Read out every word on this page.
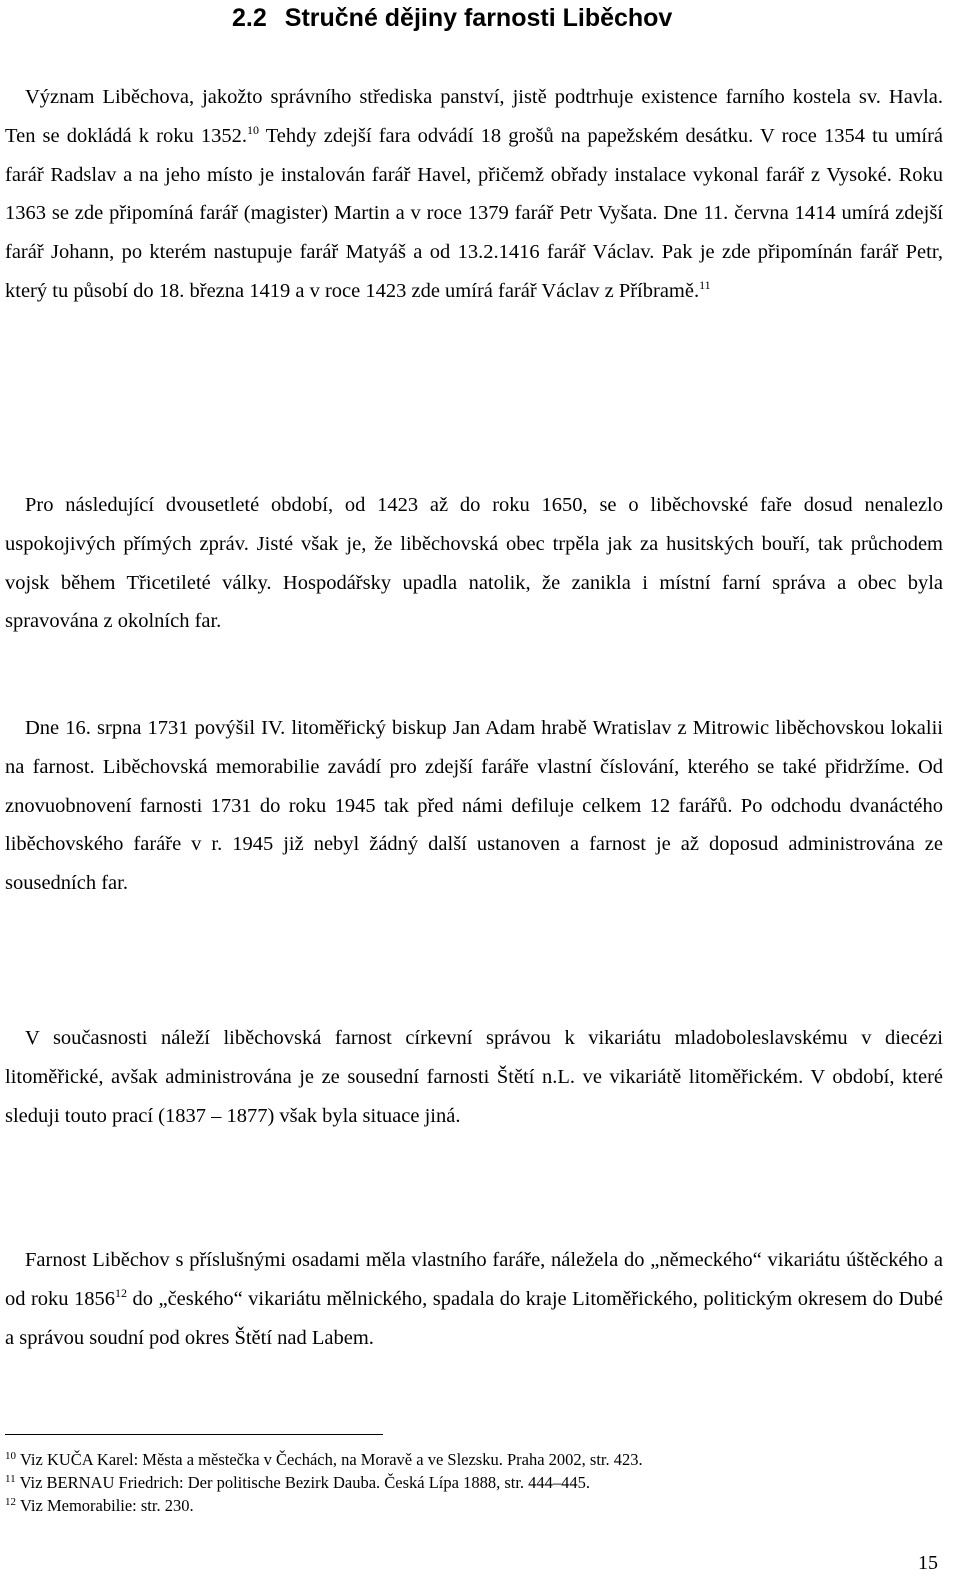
2.2 Stručné dějiny farnosti Liběchov

Význam Liběchova, jakožto správního střediska panství, jistě podtrhuje existence farního kostela sv. Havla. Ten se dokládá k roku 1352.10 Tehdy zdejší fara odvádí 18 grošů na papežském desátku. V roce 1354 tu umírá farář Radslav a na jeho místo je instalován farář Havel, přičemž obřady instalace vykonal farář z Vysoké. Roku 1363 se zde připomíná farář (magister) Martin a v roce 1379 farář Petr Vyšata. Dne 11. června 1414 umírá zdejší farář Johann, po kterém nastupuje farář Matyáš a od 13.2.1416 farář Václav. Pak je zde připomínán farář Petr, který tu působí do 18. března 1419 a v roce 1423 zde umírá farář Václav z Příbramě.$^{11}$

Pro následující dvousetleté období, od 1423 až do roku 1650, se o liběchovské faře dosud nenalezlo uspokojivých přímých zpráv. Jisté však je, že liběchovská obec trpěla jak za husitských bouří, tak průchodem vojsk během Třicetileté války. Hospodářsky upadla natolik, že zanikla i místní farní správa a obec byla spravována z okolních far.

Dne 16. srpna 1731 povýšil IV. litoměřický biskup Jan Adam hrabě Wratislav z Mitrowic liběchovskou lokalii na farnost. Liběchovská memorabilie zavádí pro zdejší faráře vlastní číslování, kterého se také přidržíme. Od znovuobnovení farnosti 1731 do roku 1945 tak před námi defiluje celkem 12 farářů. Po odchodu dvanáctého liběchovského faráře v r. 1945 již nebyl žádný další ustanoven a farnost je až doposud administrována ze sousedních far.

V současnosti náleží liběchovská farnost církevní správou k vikariátu mladoboleslavskému v diecézi litoměřické, avšak administrována je ze sousední farnosti Štětí n.L. ve vikariátě litoměřickém. V období, které sleduji touto prací (1837 – 1877) však byla situace jiná.

Farnost Liběchov s příslušnými osadami měla vlastního faráře, náležela do „německého“ vikariátu úštěckého a od roku 1856$^{12}$ do „českého“ vikariátu mělnického, spadala do kraje Litoměřického, politickým okresem do Dubé a správou soudní pod okres Štětí nad Labem.

$^{10}$ Viz KUČA Karel: Města a městečka v Čechách, na Moravě a ve Slezsku. Praha 2002, str. 423.
$^{11}$ Viz BERNAU Friedrich: Der politische Bezirk Dauba. Česká Lípa 1888, str. 444–445.
$^{12}$ Viz Memorabilie: str. 230.
15
